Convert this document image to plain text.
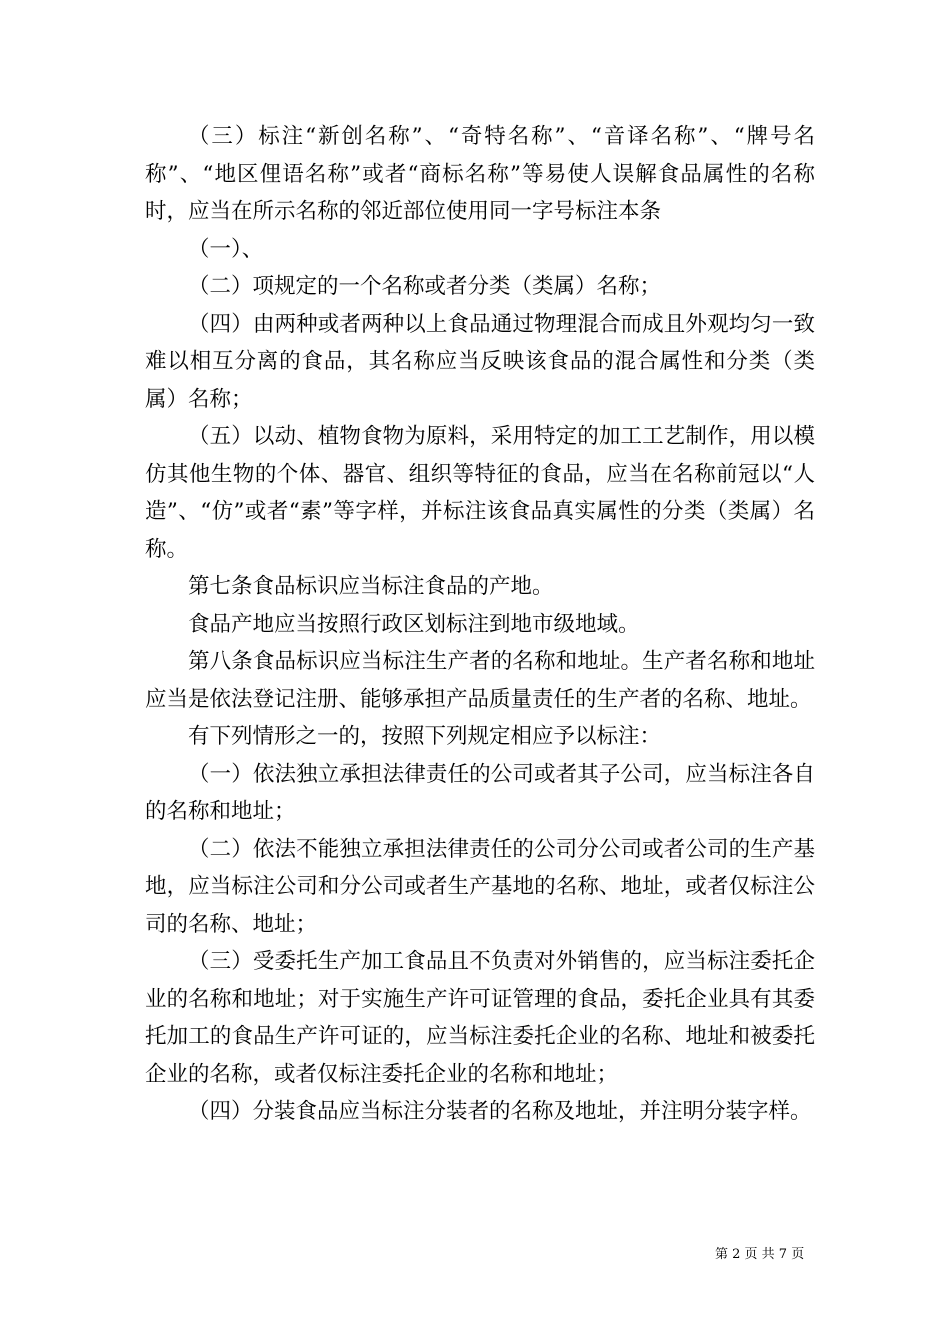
（三）标注“新创名称”、“奇特名称”、“音译名称”、“牌号名称”、“地区俚语名称”或者“商标名称”等易使人误解食品属性的名称时，应当在所示名称的邻近部位使用同一字号标注本条

（一）、

（二）项规定的一个名称或者分类（类属）名称；

（四）由两种或者两种以上食品通过物理混合而成且外观均匀一致难以相互分离的食品，其名称应当反映该食品的混合属性和分类（类属）名称；

（五）以动、植物食物为原料，采用特定的加工工艺制作，用以模仿其他生物的个体、器官、组织等特征的食品，应当在名称前冠以“人造”、“仿”或者“素”等字样，并标注该食品真实属性的分类（类属）名称。

第七条食品标识应当标注食品的产地。

食品产地应当按照行政区划标注到地市级地域。

第八条食品标识应当标注生产者的名称和地址。生产者名称和地址应当是依法登记注册、能够承担产品质量责任的生产者的名称、地址。

有下列情形之一的，按照下列规定相应予以标注：

（一）依法独立承担法律责任的公司或者其子公司，应当标注各自的名称和地址；

（二）依法不能独立承担法律责任的公司分公司或者公司的生产基地，应当标注公司和分公司或者生产基地的名称、地址，或者仅标注公司的名称、地址；

（三）受委托生产加工食品且不负责对外销售的，应当标注委托企业的名称和地址；对于实施生产许可证管理的食品，委托企业具有其委托加工的食品生产许可证的，应当标注委托企业的名称、地址和被委托企业的名称，或者仅标注委托企业的名称和地址；

（四）分装食品应当标注分装者的名称及地址，并注明分装字样。

第 2 页 共 7 页
